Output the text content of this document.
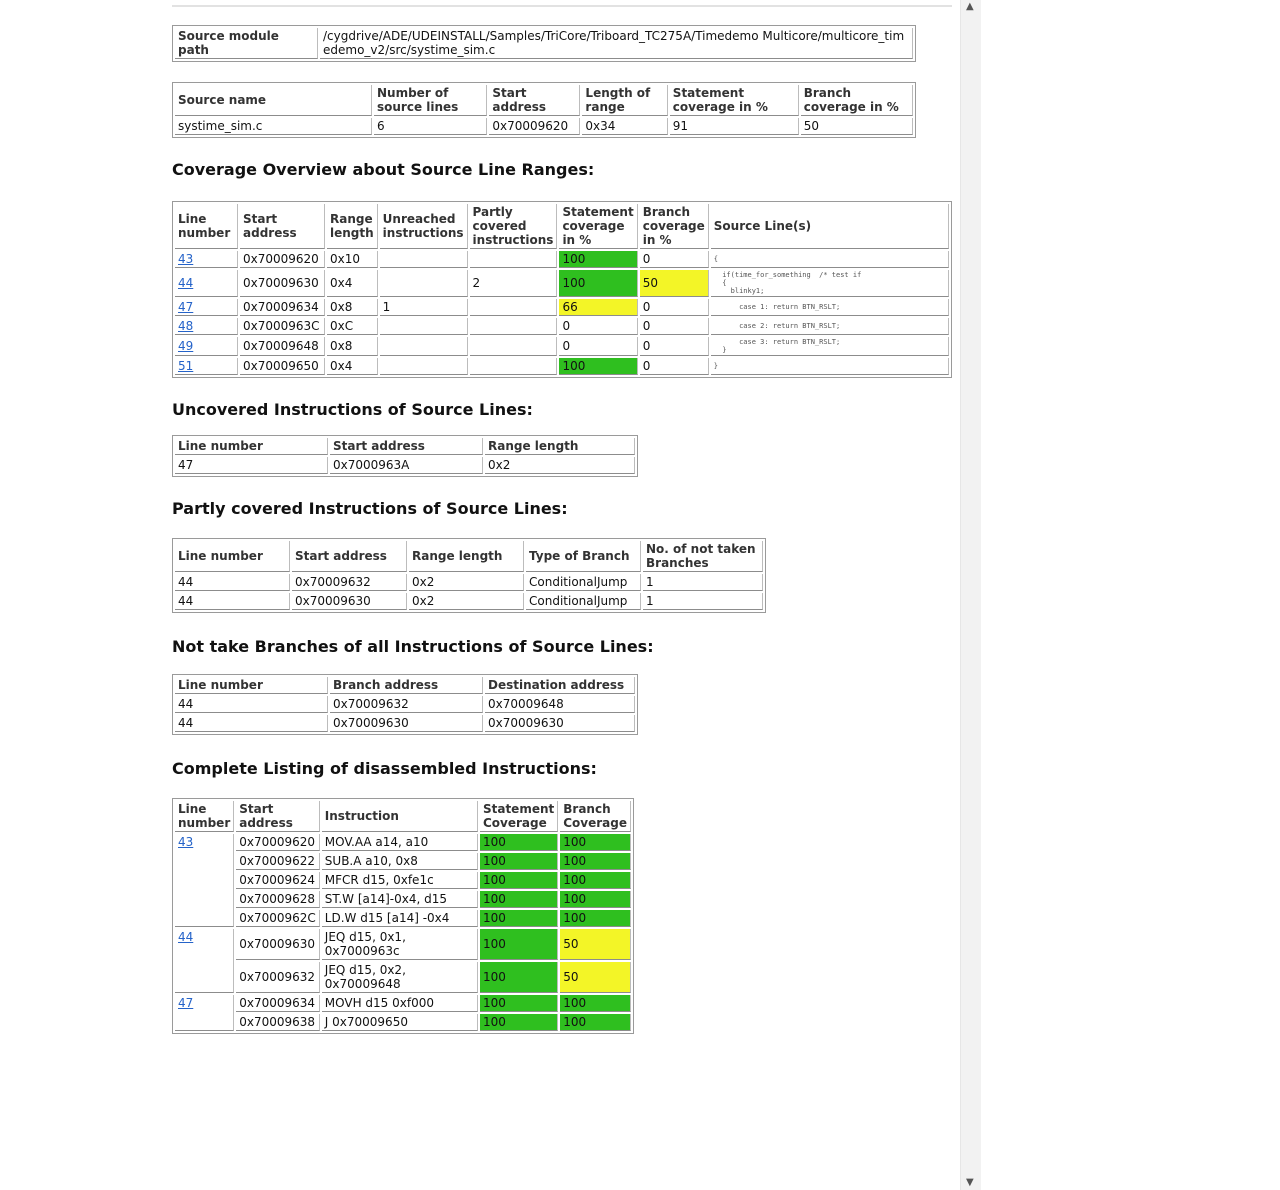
Source module path	/cygdrive/ADE/UDEINSTALL/Samples/TriCore/Triboard_TC275A/Timedemo Multicore/multicore_timedemo_v2/src/systime_sim.c
Source name	Number of source lines	Start address	Length of range	Statement coverage in %	Branch coverage in %
systime_sim.c	6	0x70009620	0x34	91	50
Coverage Overview about Source Line Ranges:
Line number	Start address	Range length	Unreached instructions	Partly covered instructions	Statement coverage in %	Branch coverage in %	Source Line(s)
43	0x70009620	0x10			100	0	{
44	0x70009630	0x4		2	100	50	if(time_for_something  /* test if
{
blinky1;
47	0x70009634	0x8	1		66	0	case 1: return BTN_RSLT;
48	0x7000963C	0xC			0	0	case 2: return BTN_RSLT;
49	0x70009648	0x8			0	0	case 3: return BTN_RSLT;
}
51	0x70009650	0x4			100	0	}
Uncovered Instructions of Source Lines:
Line number	Start address	Range length
47	0x7000963A	0x2
Partly covered Instructions of Source Lines:
Line number	Start address	Range length	Type of Branch	No. of not taken Branches
44	0x70009632	0x2	ConditionalJump	1
44	0x70009630	0x2	ConditionalJump	1
Not take Branches of all Instructions of Source Lines:
Line number	Branch address	Destination address
44	0x70009632	0x70009648
44	0x70009630	0x70009630
Complete Listing of disassembled Instructions:
Line number	Start address	Instruction	Statement Coverage	Branch Coverage
43	0x70009620	MOV.AA a14, a10	100	100
	0x70009622	SUB.A a10, 0x8	100	100
	0x70009624	MFCR d15, 0xfe1c	100	100
	0x70009628	ST.W [a14]-0x4, d15	100	100
	0x7000962C	LD.W d15 [a14] -0x4	100	100
44	0x70009630	JEQ d15, 0x1, 0x7000963c	100	50
	0x70009632	JEQ d15, 0x2, 0x70009648	100	50
47	0x70009634	MOVH d15 0xf000	100	100
	0x70009638	J 0x70009650	100	100
▲
▼
